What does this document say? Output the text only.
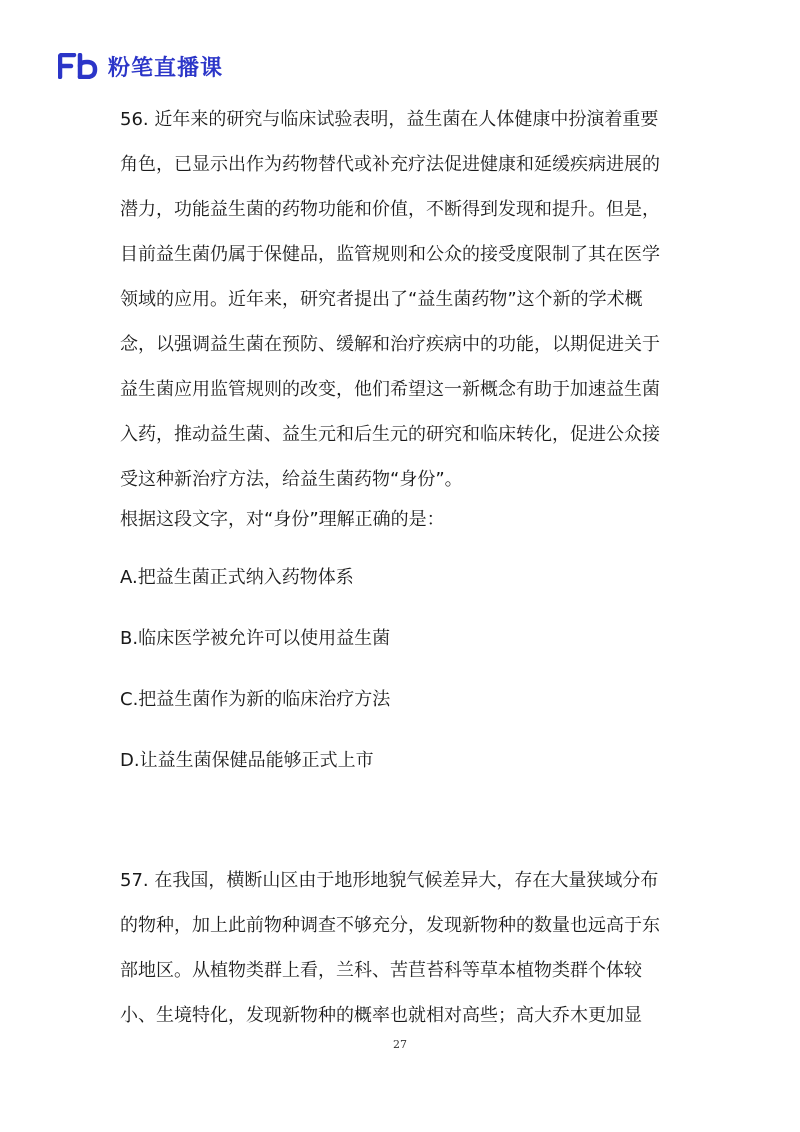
粉笔直播课
56. 近年来的研究与临床试验表明，益生菌在人体健康中扮演着重要
角色，已显示出作为药物替代或补充疗法促进健康和延缓疾病进展的
潜力，功能益生菌的药物功能和价值，不断得到发现和提升。但是，
目前益生菌仍属于保健品，监管规则和公众的接受度限制了其在医学
领域的应用。近年来，研究者提出了“益生菌药物”这个新的学术概
念，以强调益生菌在预防、缓解和治疗疾病中的功能，以期促进关于
益生菌应用监管规则的改变，他们希望这一新概念有助于加速益生菌
入药，推动益生菌、益生元和后生元的研究和临床转化，促进公众接
受这种新治疗方法，给益生菌药物“身份”。
根据这段文字，对“身份”理解正确的是：
A.把益生菌正式纳入药物体系
B.临床医学被允许可以使用益生菌
C.把益生菌作为新的临床治疗方法
D.让益生菌保健品能够正式上市
57. 在我国，横断山区由于地形地貌气候差异大，存在大量狭域分布
的物种，加上此前物种调查不够充分，发现新物种的数量也远高于东
部地区。从植物类群上看，兰科、苦苣苔科等草本植物类群个体较
小、生境特化，发现新物种的概率也就相对高些；高大乔木更加显
27
